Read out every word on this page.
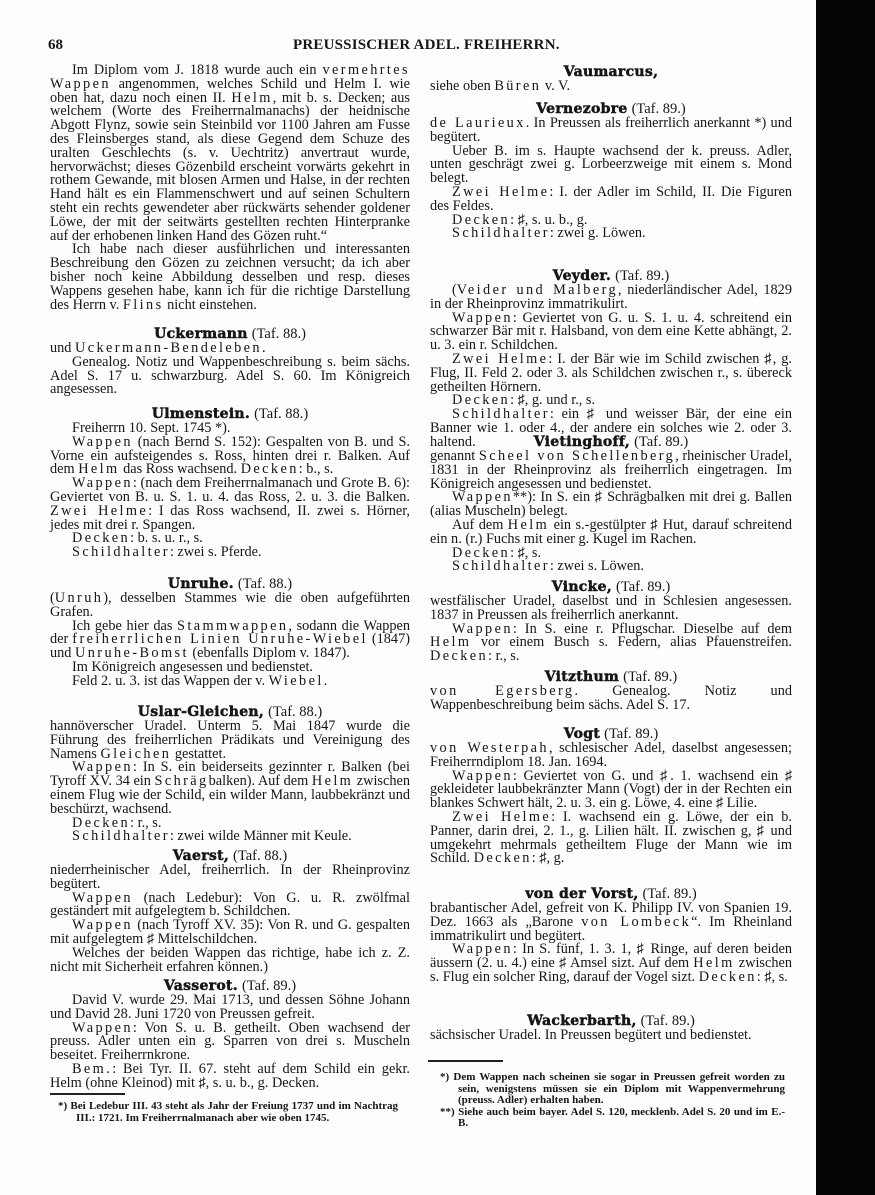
68	PREUSSISCHER ADEL. FREIHERRN.

Im Diplom vom J. 1818 wurde auch ein vermehrtes Wappen angenommen, welches Schild und Helm I. wie oben hat, dazu noch einen II. Helm, mit b. s. Decken; aus welchem (Worte des Freiherrnalmanachs) der heidnische Abgott Flynz, sowie sein Steinbild vor 1100 Jahren am Fusse des Fleinsberges stand, als diese Gegend dem Schuze des uralten Geschlechts (s. v. Uechtritz) anvertraut wurde, hervorwächst; dieses Gözenbild erscheint vorwärts gekehrt in rothem Gewande, mit blosen Armen und Halse, in der rechten Hand hält es ein Flammenschwert und auf seinen Schultern steht ein rechts gewendeter aber rückwärts sehender goldener Löwe, der mit der seitwärts gestellten rechten Hinterpranke auf der erhobenen linken Hand des Gözen ruht.“

Ich habe nach dieser ausführlichen und interessanten Beschreibung den Gözen zu zeichnen versucht; da ich aber bisher noch keine Abbildung desselben und resp. dieses Wappens gesehen habe, kann ich für die richtige Darstellung des Herrn v. Flins nicht einstehen.

Uckermann (Taf. 88.)

und Uckermann-Bendeleben.

Genealog. Notiz und Wappenbeschreibung s. beim sächs. Adel S. 17 u. schwarzburg. Adel S. 60. Im Königreich angesessen.

Ulmenstein. (Taf. 88.)

Freiherrn 10. Sept. 1745 *).

Wappen (nach Bernd S. 152): Gespalten von B. und S. Vorne ein aufsteigendes s. Ross, hinten drei r. Balken. Auf dem Helm das Ross wachsend. Decken: b., s.

Wappen: (nach dem Freiherrnalmanach und Grote B. 6): Geviertet von B. u. S. 1. u. 4. das Ross, 2. u. 3. die Balken. Zwei Helme: I das Ross wachsend, II. zwei s. Hörner, jedes mit drei r. Spangen.

Decken: b. s. u. r., s.

Schildhalter: zwei s. Pferde.

Unruhe. (Taf. 88.)

(Unruh), desselben Stammes wie die oben aufgeführten Grafen.

Ich gebe hier das Stammwappen, sodann die Wappen der freiherrlichen Linien Unruhe-Wiebel (1847) und Unruhe-Bomst (ebenfalls Diplom v. 1847).

Im Königreich angesessen und bedienstet.

Feld 2. u. 3. ist das Wappen der v. Wiebel.

Uslar-Gleichen, (Taf. 88.)

hannöverscher Uradel. Unterm 5. Mai 1847 wurde die Führung des freiherrlichen Prädikats und Vereinigung des Namens Gleichen gestattet.

Wappen: In S. ein beiderseits gezinnter r. Balken (bei Tyroff XV. 34 ein Schrägbalken). Auf dem Helm zwischen einem Flug wie der Schild, ein wilder Mann, laubbekränzt und beschürzt, wachsend.

Decken: r., s.

Schildhalter: zwei wilde Männer mit Keule.

Vaerst, (Taf. 88.)

niederrheinischer Adel, freiherrlich. In der Rheinprovinz begütert.

Wappen (nach Ledebur): Von G. u. R. zwölfmal geständert mit aufgelegtem b. Schildchen.

Wappen (nach Tyroff XV. 35): Von R. und G. gespalten mit aufgelegtem ♯ Mittelschildchen.

Welches der beiden Wappen das richtige, habe ich z. Z. nicht mit Sicherheit erfahren können.)

Vasserot. (Taf. 89.)

David V. wurde 29. Mai 1713, und dessen Söhne Johann und David 28. Juni 1720 von Preussen gefreit.

Wappen: Von S. u. B. getheilt. Oben wachsend der preuss. Adler unten ein g. Sparren von drei s. Muscheln beseitet. Freiherrnkrone.

Bem.: Bei Tyr. II. 67. steht auf dem Schild ein gekr. Helm (ohne Kleinod) mit ♯, s. u. b., g. Decken.

Vaumarcus,

siehe oben Büren v. V.

Vernezobre (Taf. 89.)

de Laurieux. In Preussen als freiherrlich anerkannt *) und begütert.

Ueber B. im s. Haupte wachsend der k. preuss. Adler, unten geschrägt zwei g. Lorbeerzweige mit einem s. Mond belegt.

Zwei Helme: I. der Adler im Schild, II. Die Figuren des Feldes.

Decken: ♯, s. u. b., g.

Schildhalter: zwei g. Löwen.

Veyder. (Taf. 89.)

(Veider und Malberg, niederländischer Adel, 1829 in der Rheinprovinz immatrikulirt.

Wappen: Geviertet von G. u. S. 1. u. 4. schreitend ein schwarzer Bär mit r. Halsband, von dem eine Kette abhängt, 2. u. 3. ein r. Schildchen.

Zwei Helme: I. der Bär wie im Schild zwischen ♯, g. Flug, II. Feld 2. oder 3. als Schildchen zwischen r., s. übereck getheilten Hörnern.

Decken: ♯, g. und r., s.

Schildhalter: ein ♯ und weisser Bär, der eine ein Banner wie 1. oder 4., der andere ein solches wie 2. oder 3. haltend.	Vietinghoff, (Taf. 89.)

genannt Scheel von Schellenberg, rheinischer Uradel, 1831 in der Rheinprovinz als freiherrlich eingetragen. Im Königreich angesessen und bedienstet.

Wappen**): In S. ein ♯ Schrägbalken mit drei g. Ballen (alias Muscheln) belegt.

Auf dem Helm ein s.-gestülpter ♯ Hut, darauf schreitend ein n. (r.) Fuchs mit einer g. Kugel im Rachen.

Decken: ♯, s.

Schildhalter: zwei s. Löwen.

Vincke, (Taf. 89.)

westfälischer Uradel, daselbst und in Schlesien angesessen. 1837 in Preussen als freiherrlich anerkannt.

Wappen: In S. eine r. Pflugschar. Dieselbe auf dem Helm vor einem Busch s. Federn, alias Pfauenstreifen. Decken: r., s.

Vitzthum (Taf. 89.)

von Egersberg. Genealog. Notiz und Wappenbeschreibung beim sächs. Adel S. 17.

Vogt (Taf. 89.)

von Westerpah, schlesischer Adel, daselbst angesessen; Freiherrndiplom 18. Jan. 1694.

Wappen: Geviertet von G. und ♯. 1. wachsend ein ♯ gekleideter laubbekränzter Mann (Vogt) der in der Rechten ein blankes Schwert hält, 2. u. 3. ein g. Löwe, 4. eine ♯ Lilie.

Zwei Helme: I. wachsend ein g. Löwe, der ein b. Panner, darin drei, 2. 1., g. Lilien hält. II. zwischen g, ♯ und umgekehrt mehrmals getheiltem Fluge der Mann wie im Schild. Decken: ♯, g.

von der Vorst, (Taf. 89.)

brabantischer Adel, gefreit von K. Philipp IV. von Spanien 19. Dez. 1663 als „Barone von Lombeck“. Im Rheinland immatrikulirt und begütert.

Wappen: In S. fünf, 1. 3. 1, ♯ Ringe, auf deren beiden äussern (2. u. 4.) eine ♯ Amsel sizt. Auf dem Helm zwischen s. Flug ein solcher Ring, darauf der Vogel sizt. Decken: ♯, s.

Wackerbarth, (Taf. 89.)

sächsischer Uradel. In Preussen begütert und bedienstet.

*) Bei Ledebur III. 43 steht als Jahr der Freiung 1737 und im Nachtrag III.: 1721. Im Freiherrnalmanach aber wie oben 1745.

*) Dem Wappen nach scheinen sie sogar in Preussen gefreit worden zu sein, wenigstens müssen sie ein Diplom mit Wappenvermehrung (preuss. Adler) erhalten haben.

**) Siehe auch beim bayer. Adel S. 120, mecklenb. Adel S. 20 und im E.-B.
